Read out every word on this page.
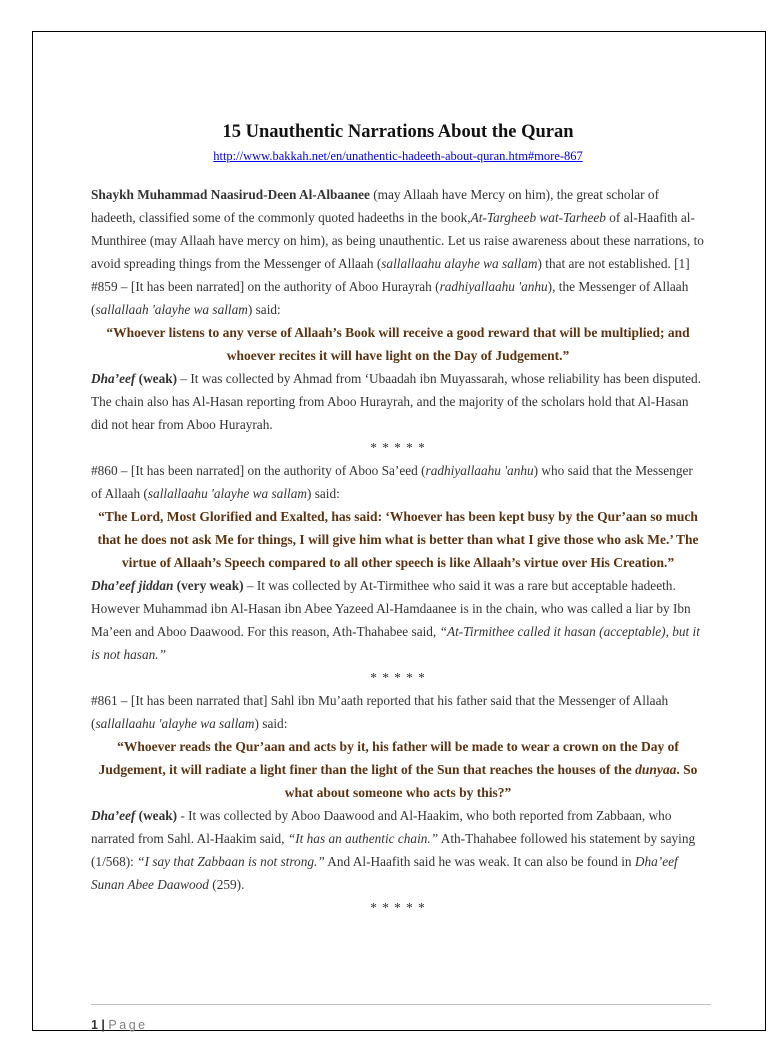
15 Unauthentic Narrations About the Quran
http://www.bakkah.net/en/unathentic-hadeeth-about-quran.htm#more-867

Shaykh Muhammad Naasirud-Deen Al-Albaanee (may Allaah have Mercy on him), the great scholar of hadeeth, classified some of the commonly quoted hadeeths in the book,At-Targheeb wat-Tarheeb of al-Haafith al-Munthiree (may Allaah have mercy on him), as being unauthentic. Let us raise awareness about these narrations, to avoid spreading things from the Messenger of Allaah (sallallaahu alayhe wa sallam) that are not established. [1]

#859 – [It has been narrated] on the authority of Aboo Hurayrah (radhiyallaahu 'anhu), the Messenger of Allaah (sallallaah 'alayhe wa sallam) said:

“Whoever listens to any verse of Allaah’s Book will receive a good reward that will be multiplied; and whoever recites it will have light on the Day of Judgement.”

Dha’eef (weak) – It was collected by Ahmad from ‘Ubaadah ibn Muyassarah, whose reliability has been disputed. The chain also has Al-Hasan reporting from Aboo Hurayrah, and the majority of the scholars hold that Al-Hasan did not hear from Aboo Hurayrah.

* * * * *

#860 – [It has been narrated] on the authority of Aboo Sa’eed (radhiyallaahu 'anhu) who said that the Messenger of Allaah (sallallaahu 'alayhe wa sallam) said:

“The Lord, Most Glorified and Exalted, has said: ‘Whoever has been kept busy by the Qur’aan so much that he does not ask Me for things, I will give him what is better than what I give those who ask Me.’ The virtue of Allaah’s Speech compared to all other speech is like Allaah’s virtue over His Creation.”

Dha’eef jiddan (very weak) – It was collected by At-Tirmithee who said it was a rare but acceptable hadeeth. However Muhammad ibn Al-Hasan ibn Abee Yazeed Al-Hamdaanee is in the chain, who was called a liar by Ibn Ma’een and Aboo Daawood. For this reason, Ath-Thahabee said, “At-Tirmithee called it hasan (acceptable), but it is not hasan.”

* * * * *

#861 – [It has been narrated that] Sahl ibn Mu’aath reported that his father said that the Messenger of Allaah (sallallaahu 'alayhe wa sallam) said:

“Whoever reads the Qur’aan and acts by it, his father will be made to wear a crown on the Day of Judgement, it will radiate a light finer than the light of the Sun that reaches the houses of the dunyaa. So what about someone who acts by this?”

Dha’eef (weak) - It was collected by Aboo Daawood and Al-Haakim, who both reported from Zabbaan, who narrated from Sahl. Al-Haakim said, “It has an authentic chain.” Ath-Thahabee followed his statement by saying (1/568): “I say that Zabbaan is not strong.” And Al-Haafith said he was weak. It can also be found in Dha’eef Sunan Abee Daawood (259).

* * * * *

1 | Page
